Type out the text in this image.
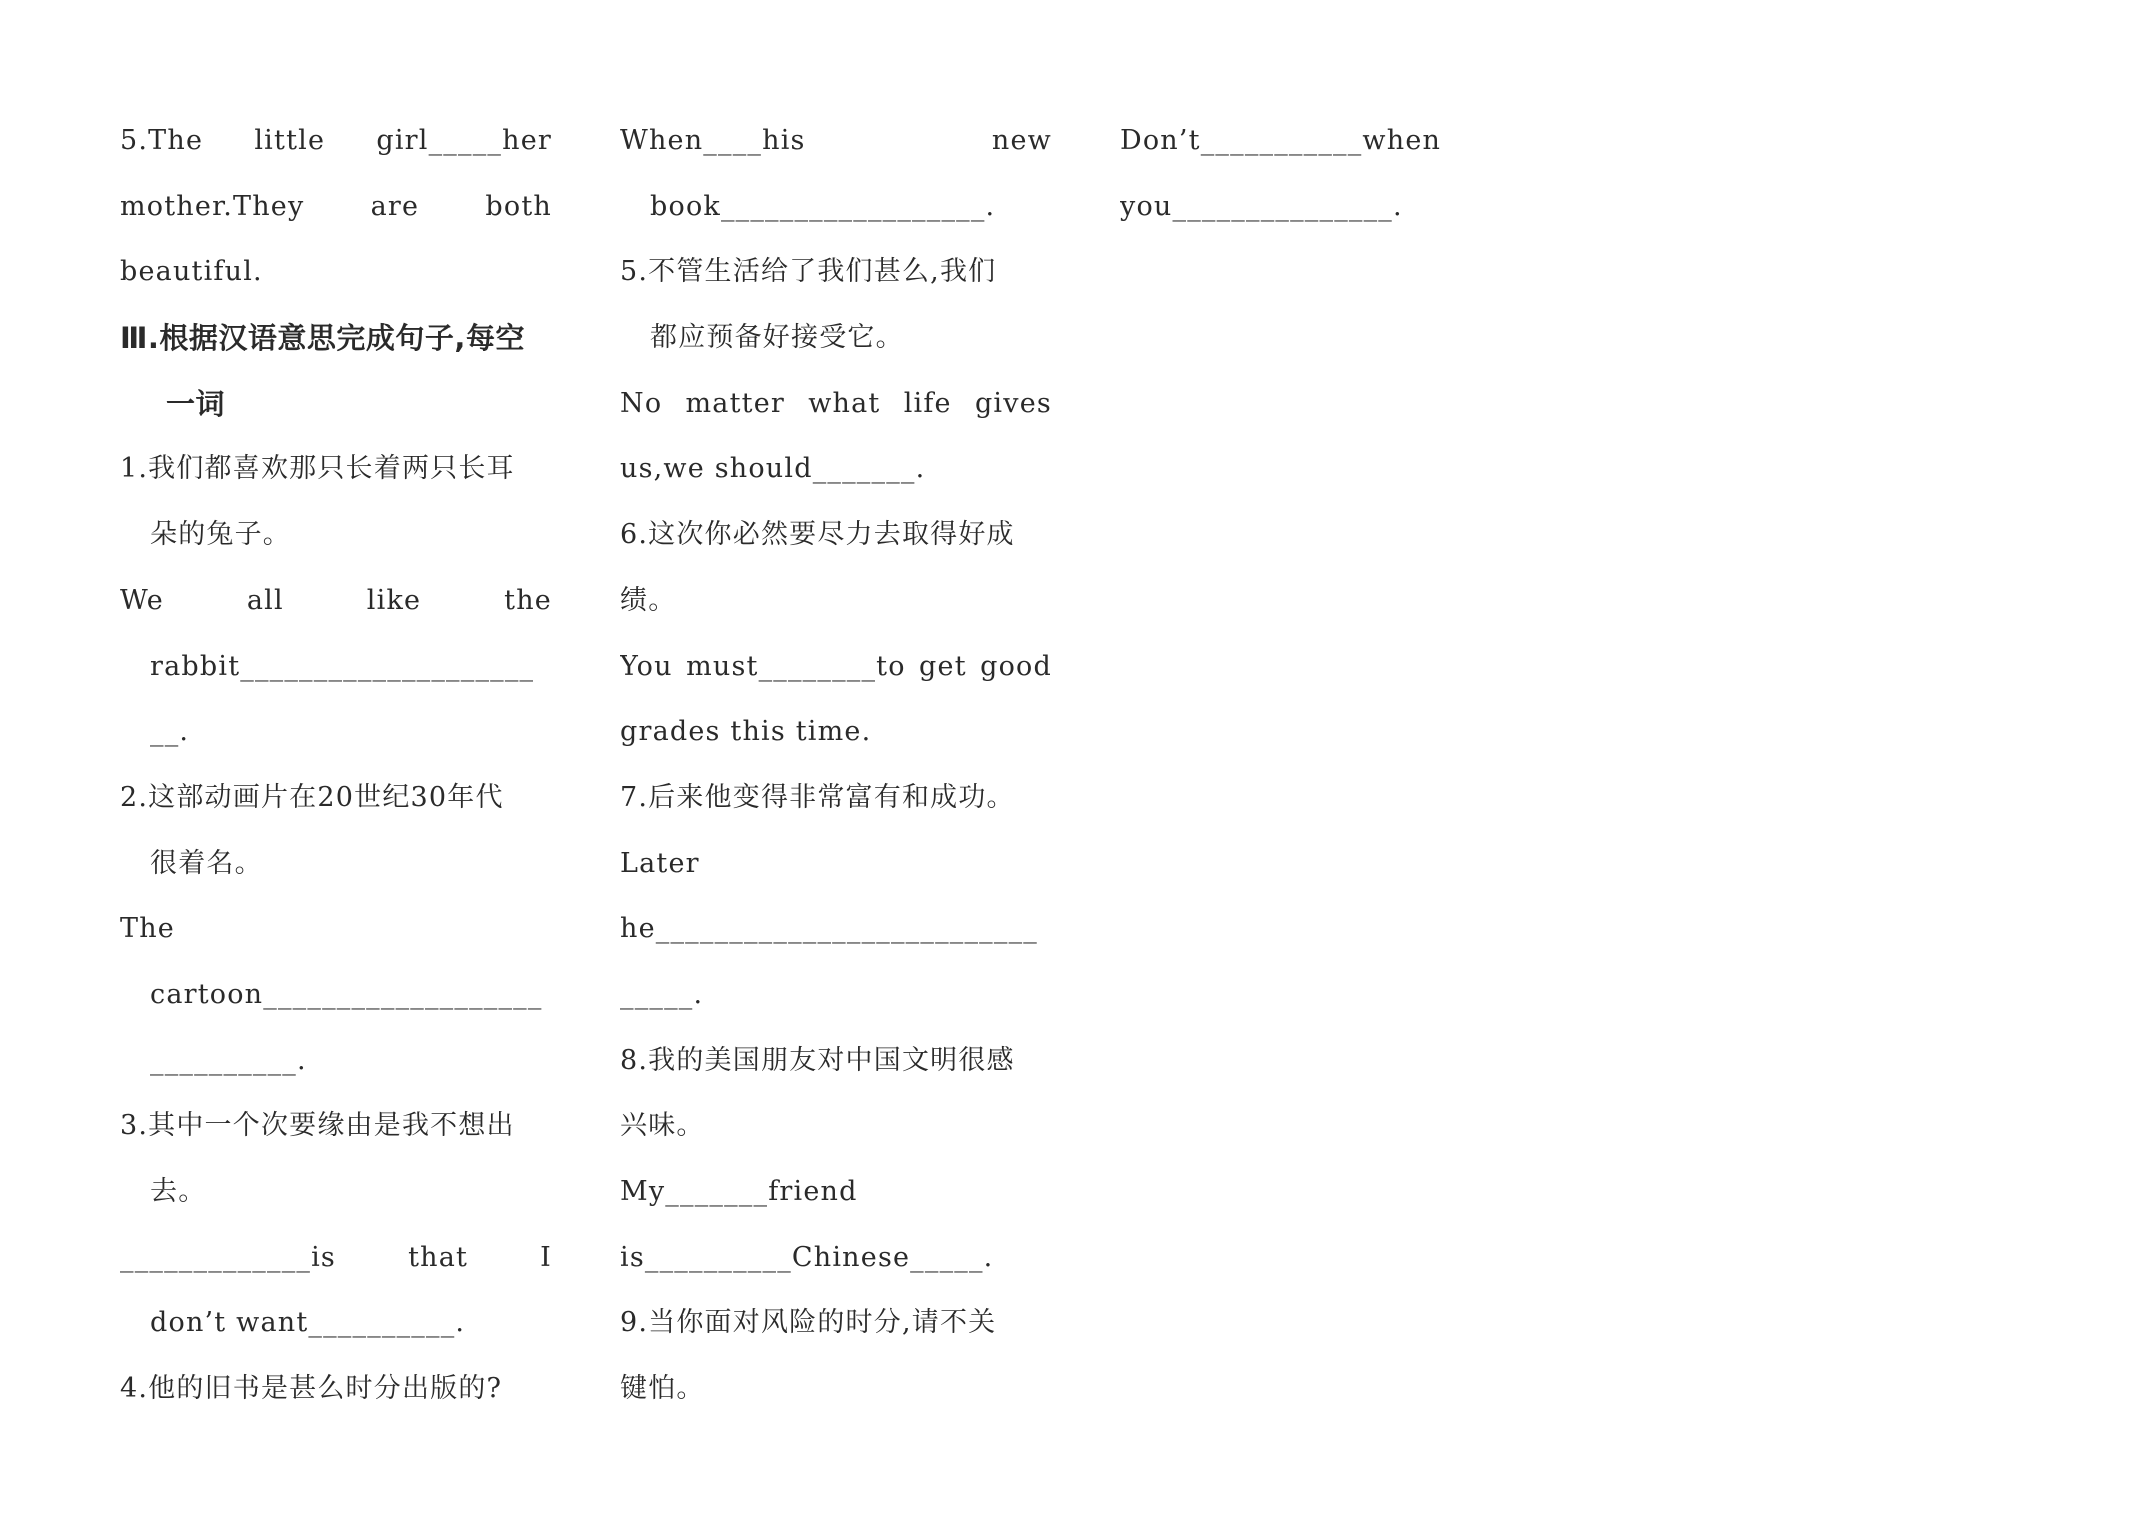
5.The little girl_____her
mother.They are both
beautiful.
Ⅲ.根据汉语意思完成句子,每空
一词
1.我们都喜欢那只长着两只长耳
朵的兔子。
We	all	like	the
rabbit____________________
__.
2.这部动画片在20世纪30年代
很着名。
The
cartoon___________________
__________.
3.其中一个次要缘由是我不想出
去。
_____________is	that	I
don’t want__________.
4.他的旧书是甚么时分出版的?
When____his	new
book__________________.
5.不管生活给了我们甚么,我们
都应预备好接受它。
No matter what life gives
us,we should_______.
6.这次你必然要尽力去取得好成
绩。
You must________to get good
grades this time.
7.后来他变得非常富有和成功。
Later
he__________________________
_____.
8.我的美国朋友对中国文明很感
兴味。
My_______friend
is__________Chinese_____.
9.当你面对风险的时分,请不关
键怕。
Don’t___________when
you_______________.
